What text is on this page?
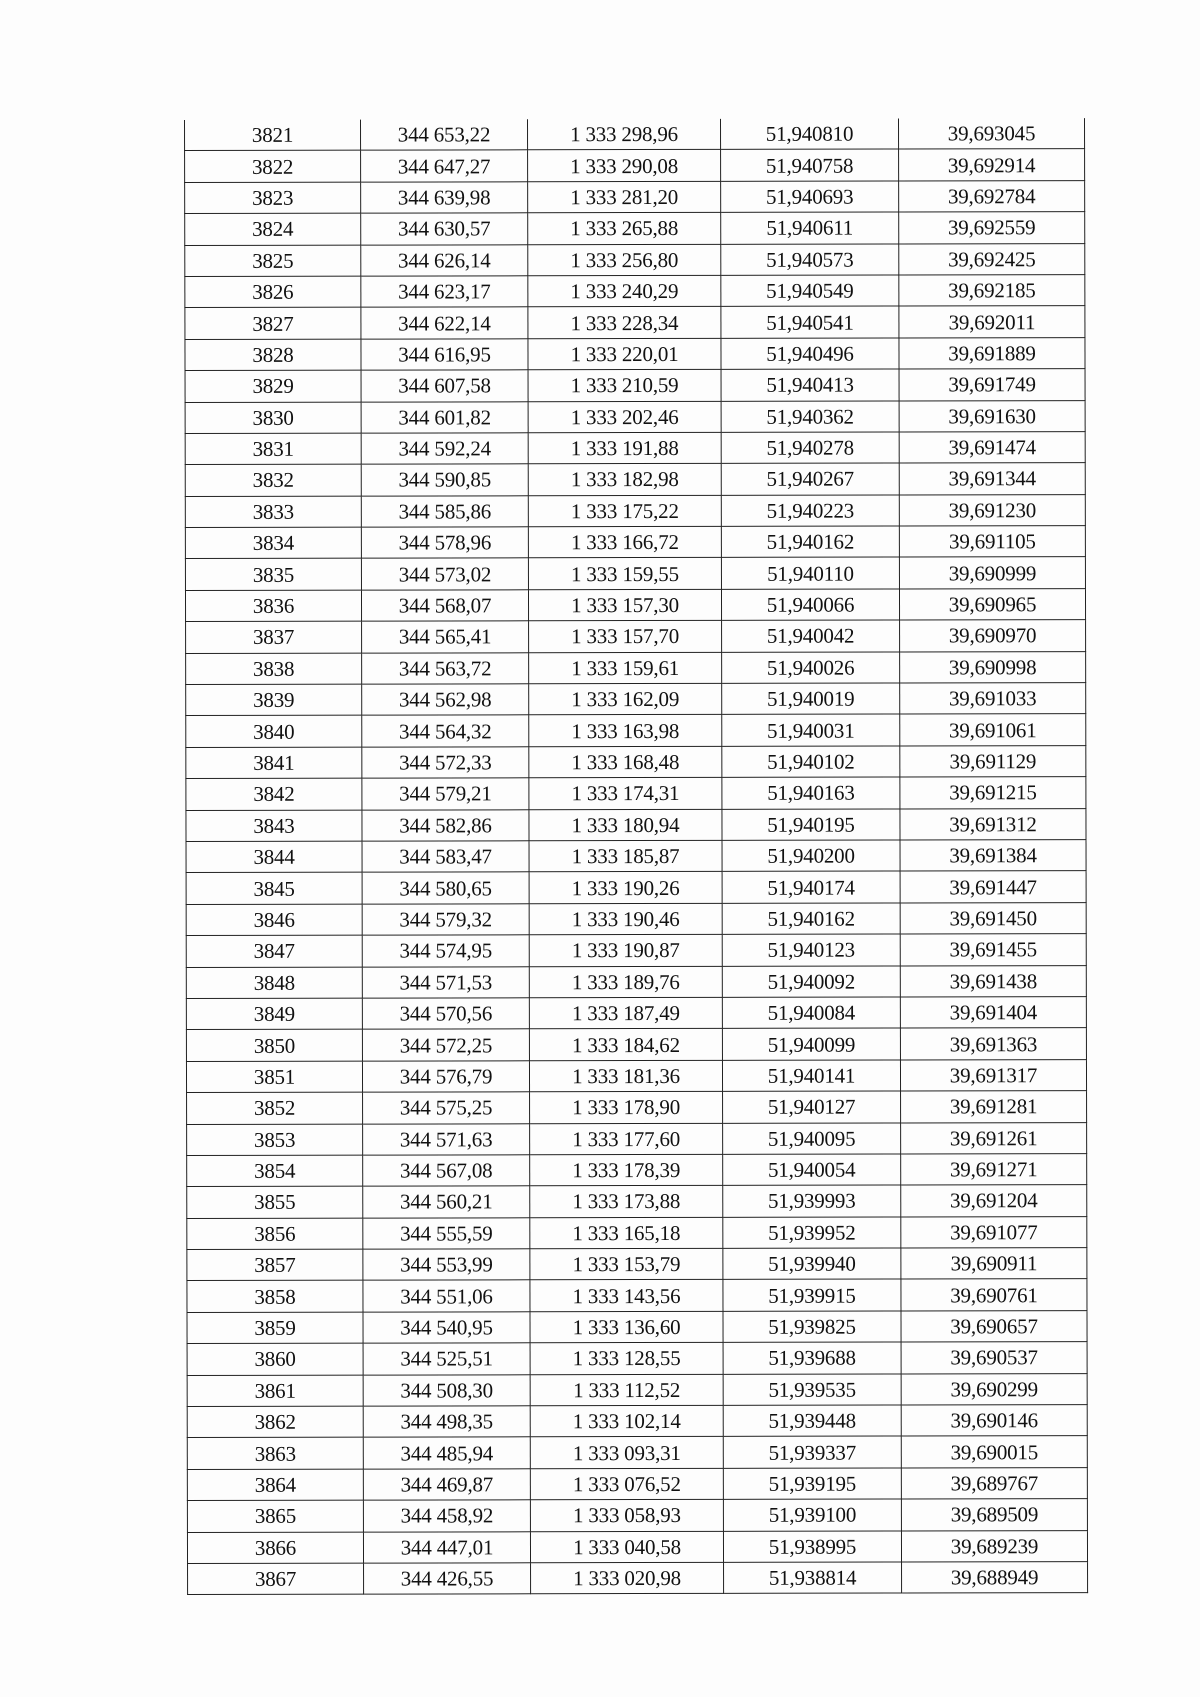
3821	344 653,22	1 333 298,96	51,940810	39,693045
3822	344 647,27	1 333 290,08	51,940758	39,692914
3823	344 639,98	1 333 281,20	51,940693	39,692784
3824	344 630,57	1 333 265,88	51,940611	39,692559
3825	344 626,14	1 333 256,80	51,940573	39,692425
3826	344 623,17	1 333 240,29	51,940549	39,692185
3827	344 622,14	1 333 228,34	51,940541	39,692011
3828	344 616,95	1 333 220,01	51,940496	39,691889
3829	344 607,58	1 333 210,59	51,940413	39,691749
3830	344 601,82	1 333 202,46	51,940362	39,691630
3831	344 592,24	1 333 191,88	51,940278	39,691474
3832	344 590,85	1 333 182,98	51,940267	39,691344
3833	344 585,86	1 333 175,22	51,940223	39,691230
3834	344 578,96	1 333 166,72	51,940162	39,691105
3835	344 573,02	1 333 159,55	51,940110	39,690999
3836	344 568,07	1 333 157,30	51,940066	39,690965
3837	344 565,41	1 333 157,70	51,940042	39,690970
3838	344 563,72	1 333 159,61	51,940026	39,690998
3839	344 562,98	1 333 162,09	51,940019	39,691033
3840	344 564,32	1 333 163,98	51,940031	39,691061
3841	344 572,33	1 333 168,48	51,940102	39,691129
3842	344 579,21	1 333 174,31	51,940163	39,691215
3843	344 582,86	1 333 180,94	51,940195	39,691312
3844	344 583,47	1 333 185,87	51,940200	39,691384
3845	344 580,65	1 333 190,26	51,940174	39,691447
3846	344 579,32	1 333 190,46	51,940162	39,691450
3847	344 574,95	1 333 190,87	51,940123	39,691455
3848	344 571,53	1 333 189,76	51,940092	39,691438
3849	344 570,56	1 333 187,49	51,940084	39,691404
3850	344 572,25	1 333 184,62	51,940099	39,691363
3851	344 576,79	1 333 181,36	51,940141	39,691317
3852	344 575,25	1 333 178,90	51,940127	39,691281
3853	344 571,63	1 333 177,60	51,940095	39,691261
3854	344 567,08	1 333 178,39	51,940054	39,691271
3855	344 560,21	1 333 173,88	51,939993	39,691204
3856	344 555,59	1 333 165,18	51,939952	39,691077
3857	344 553,99	1 333 153,79	51,939940	39,690911
3858	344 551,06	1 333 143,56	51,939915	39,690761
3859	344 540,95	1 333 136,60	51,939825	39,690657
3860	344 525,51	1 333 128,55	51,939688	39,690537
3861	344 508,30	1 333 112,52	51,939535	39,690299
3862	344 498,35	1 333 102,14	51,939448	39,690146
3863	344 485,94	1 333 093,31	51,939337	39,690015
3864	344 469,87	1 333 076,52	51,939195	39,689767
3865	344 458,92	1 333 058,93	51,939100	39,689509
3866	344 447,01	1 333 040,58	51,938995	39,689239
3867	344 426,55	1 333 020,98	51,938814	39,688949
